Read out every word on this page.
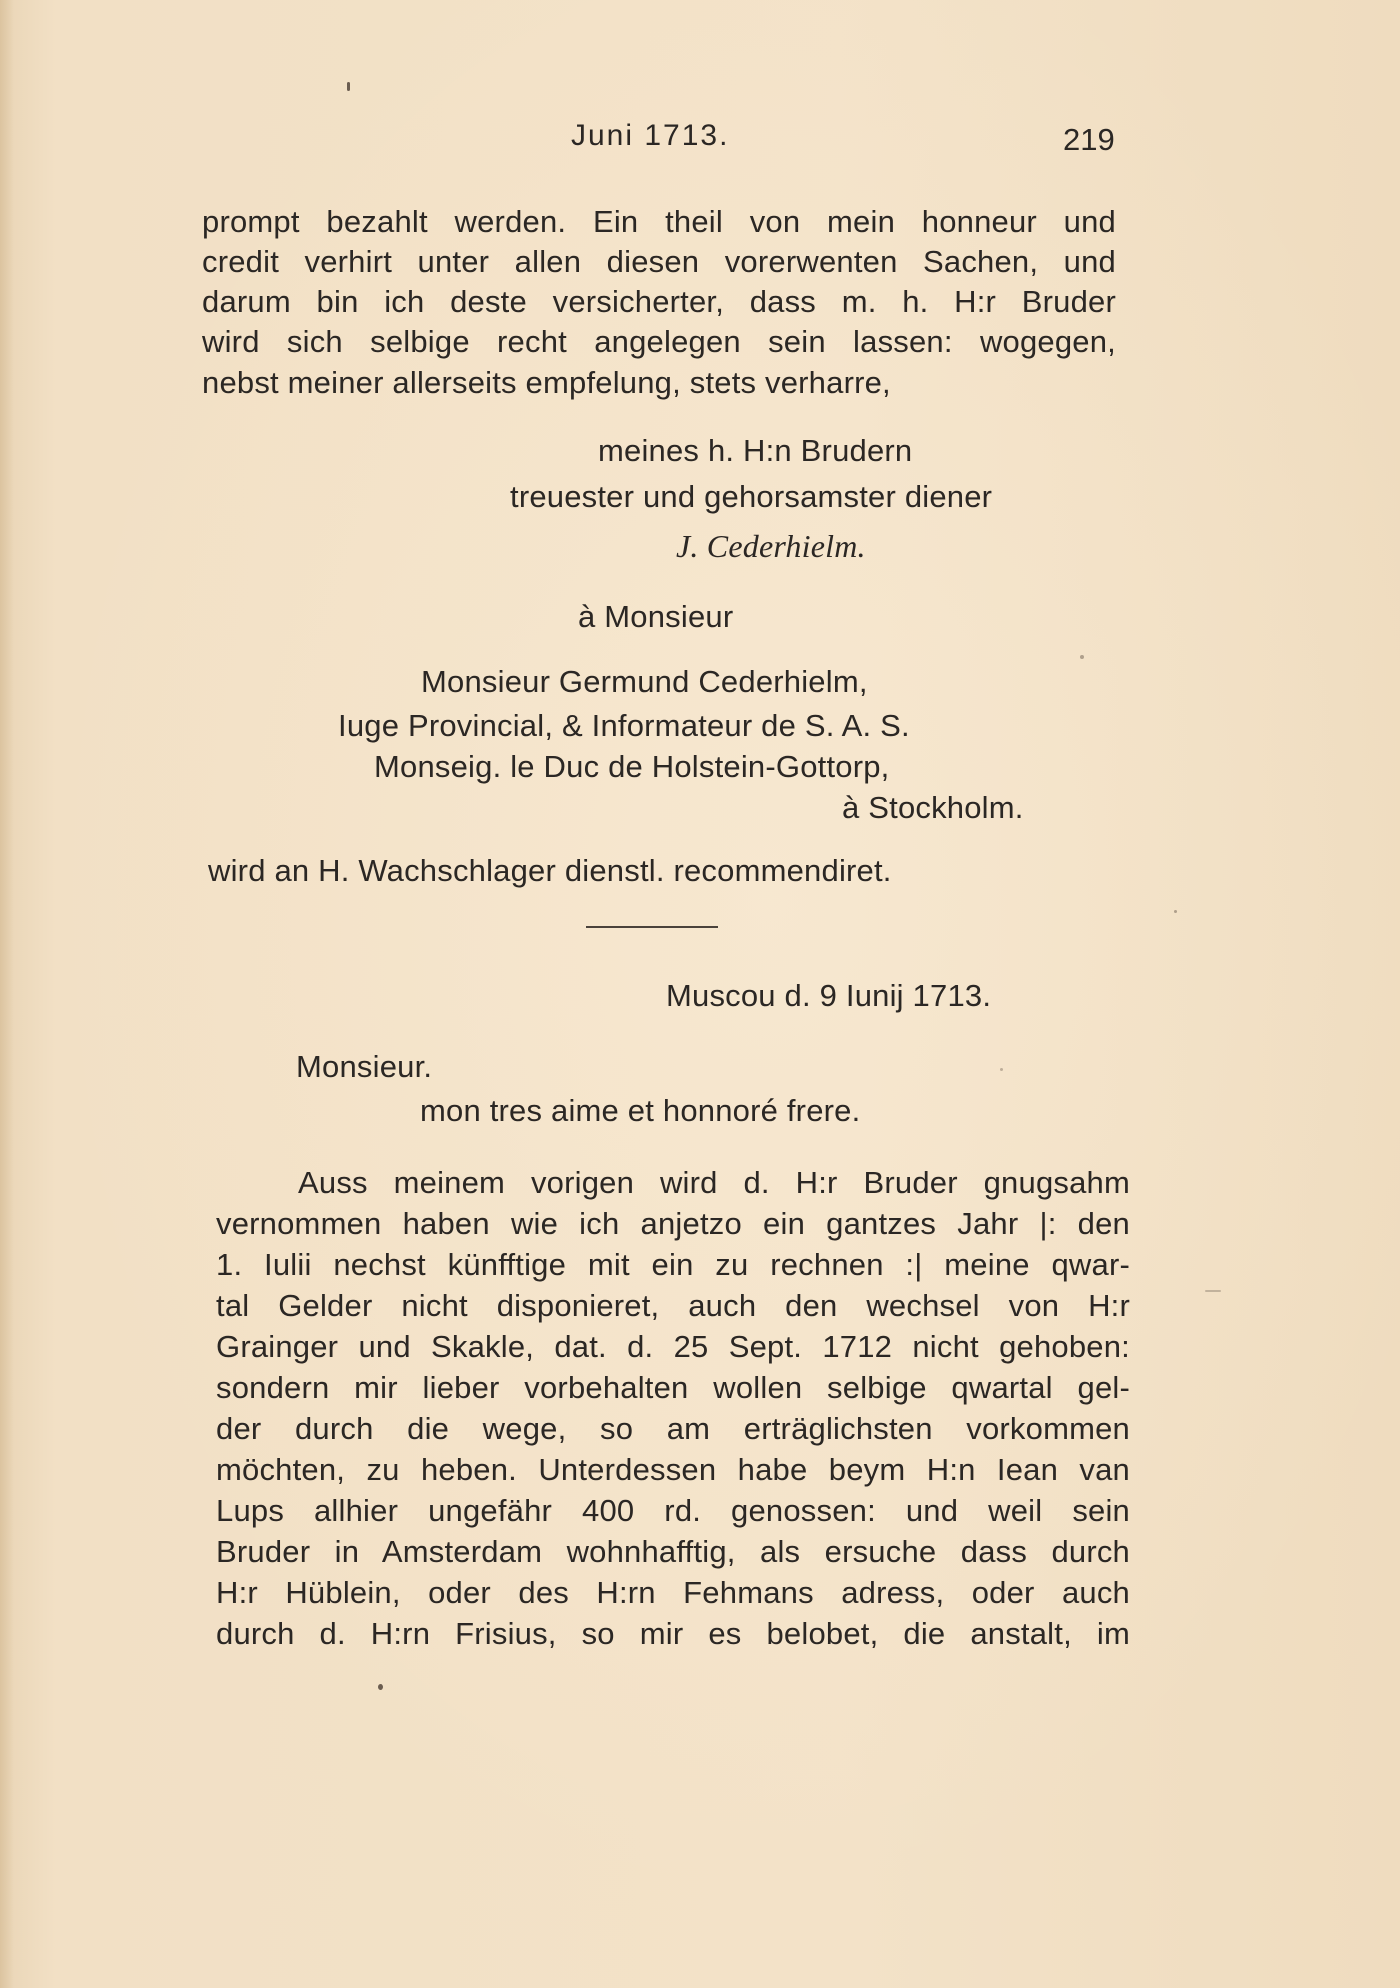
Juni 1713.	219
prompt bezahlt werden. Ein theil von mein honneur und
credit verhirt unter allen diesen vorerwenten Sachen, und
darum bin ich deste versicherter, dass m. h. H:r Bruder
wird sich selbige recht angelegen sein lassen: wogegen,
nebst meiner allerseits empfelung, stets verharre,
meines h. H:n Brudern
treuester und gehorsamster diener
J. Cederhielm.
à Monsieur
Monsieur Germund Cederhielm,
Iuge Provincial, & Informateur de S. A. S.
Monseig. le Duc de Holstein-Gottorp,
à Stockholm.
wird an H. Wachschlager dienstl. recommendiret.
Muscou d. 9 Iunij 1713.
Monsieur.
mon tres aime et honnoré frere.
Auss meinem vorigen wird d. H:r Bruder gnugsahm
vernommen haben wie ich anjetzo ein gantzes Jahr |: den
1. Iulii nechst künfftige mit ein zu rechnen :| meine qwar-
tal Gelder nicht disponieret, auch den wechsel von H:r
Grainger und Skakle, dat. d. 25 Sept. 1712 nicht gehoben:
sondern mir lieber vorbehalten wollen selbige qwartal gel-
der durch die wege, so am erträglichsten vorkommen
möchten, zu heben. Unterdessen habe beym H:n Iean van
Lups allhier ungefähr 400 rd. genossen: und weil sein
Bruder in Amsterdam wohnhafftig, als ersuche dass durch
H:r Hüblein, oder des H:rn Fehmans adress, oder auch
durch d. H:rn Frisius, so mir es belobet, die anstalt, im
